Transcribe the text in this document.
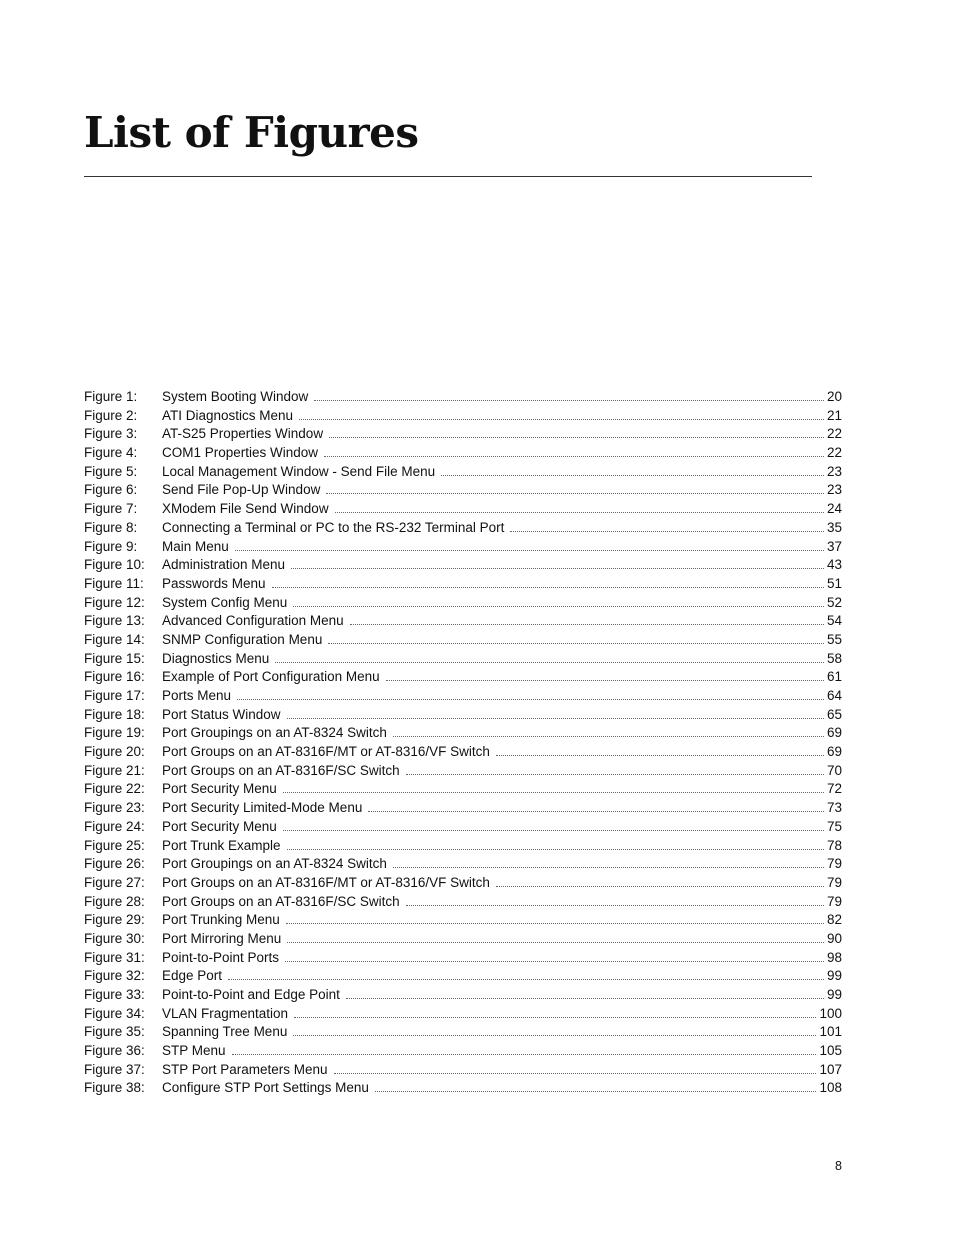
List of Figures
Figure 1:	System Booting Window	20
Figure 2:	ATI Diagnostics Menu	21
Figure 3:	AT-S25 Properties Window	22
Figure 4:	COM1 Properties Window	22
Figure 5:	Local Management Window - Send File Menu	23
Figure 6:	Send File Pop-Up Window	23
Figure 7:	XModem File Send Window	24
Figure 8:	Connecting a Terminal or PC to the RS-232 Terminal Port	35
Figure 9:	Main Menu	37
Figure 10:	Administration Menu	43
Figure 11:	Passwords Menu	51
Figure 12:	System Config Menu	52
Figure 13:	Advanced Configuration Menu	54
Figure 14:	SNMP Configuration Menu	55
Figure 15:	Diagnostics Menu	58
Figure 16:	Example of Port Configuration Menu	61
Figure 17:	Ports Menu	64
Figure 18:	Port Status Window	65
Figure 19:	Port Groupings on an AT-8324 Switch	69
Figure 20:	Port Groups on an AT-8316F/MT or AT-8316/VF Switch	69
Figure 21:	Port Groups on an AT-8316F/SC Switch	70
Figure 22:	Port Security Menu	72
Figure 23:	Port Security Limited-Mode Menu	73
Figure 24:	Port Security Menu	75
Figure 25:	Port Trunk Example	78
Figure 26:	Port Groupings on an AT-8324 Switch	79
Figure 27:	Port Groups on an AT-8316F/MT or AT-8316/VF Switch	79
Figure 28:	Port Groups on an AT-8316F/SC Switch	79
Figure 29:	Port Trunking Menu	82
Figure 30:	Port Mirroring Menu	90
Figure 31:	Point-to-Point Ports	98
Figure 32:	Edge Port	99
Figure 33:	Point-to-Point and Edge Point	99
Figure 34:	VLAN Fragmentation	100
Figure 35:	Spanning Tree Menu	101
Figure 36:	STP Menu	105
Figure 37:	STP Port Parameters Menu	107
Figure 38:	Configure STP Port Settings Menu	108
8
